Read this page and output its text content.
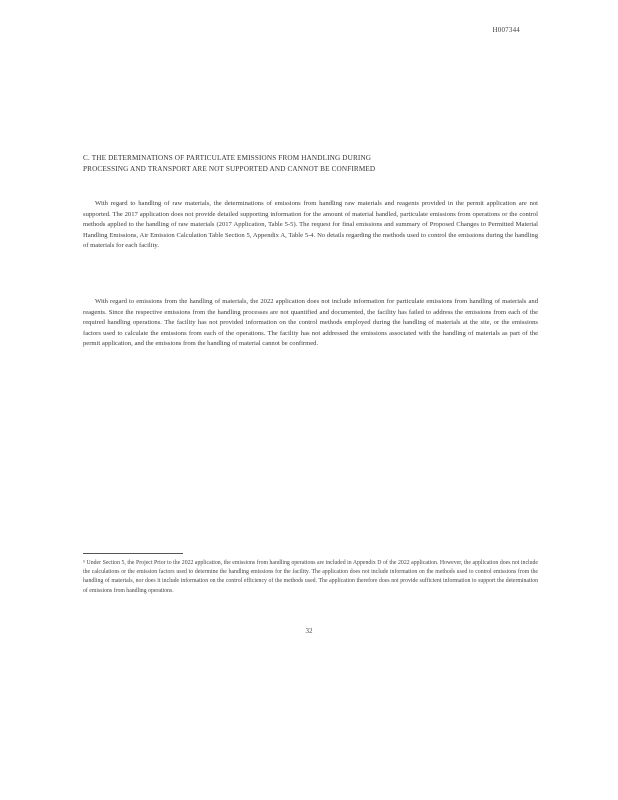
H007344
C. THE DETERMINATIONS OF PARTICULATE EMISSIONS FROM HANDLING DURING PROCESSING AND TRANSPORT ARE NOT SUPPORTED AND CANNOT BE CONFIRMED
With regard to handling of raw materials, the determinations of emissions from handling raw materials and reagents provided in the permit application are not supported. The 2017 application does not provide detailed supporting information for the amount of material handled, particulate emissions from operations or the control methods applied to the handling of raw materials (2017 Application, Table 5-5). The request for final emissions and summary of Proposed Changes to Permitted Material Handling Emissions, Air Emission Calculation Table Section 5, Appendix A, Table 5-4. No details regarding the methods used to control the emissions during the handling of materials for each facility.
With regard to emissions from the handling of materials, the 2022 application does not include information for particulate emissions from handling of materials and reagents. Since the respective emissions from the handling processes are not quantified and documented, the facility has failed to address the emissions from each of the required handling operations. The facility has not provided information on the control methods employed during the handling of materials at the site, or the emissions factors used to calculate the emissions from each of the operations. The facility has not addressed the emissions associated with the handling of materials as part of the permit application, and the emissions from the handling of material cannot be confirmed.
⁵ Under Section 5, the Project Prior to the 2022 application, the emissions from handling operations are included in Appendix D of the 2022 application. However, the application does not include the calculations or the emission factors used to determine the handling emissions for the facility. The application does not include information on the methods used to control emissions from the handling of materials, nor does it include information on the control efficiency of the methods used. The application therefore does not provide sufficient information to support the determination of emissions from handling operations.
32
